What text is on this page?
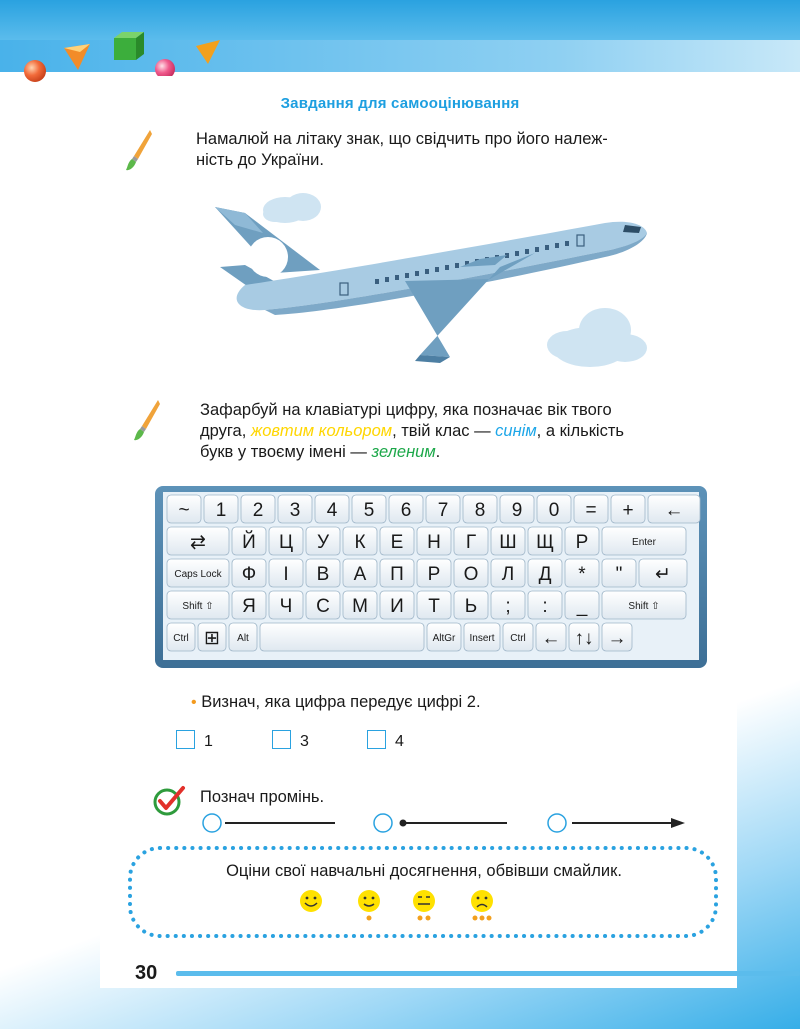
Завдання для самооцінювання
Намалюй на літаку знак, що свідчить про його належ-
ність до України.
Зафарбуй на клавіатурі цифру, яка позначає вік твого
друга, жовтим кольором, твій клас — синім, а кількість
букв у твоєму імені — зеленим.
~ 1 2 3 4 5 6 7 8 9 0 = + ←
⇄ Й Ц У К Е Н Г Ш Щ Р	Enter
Caps Lock Ф І В А П Р О Л Д * " ↵
Shift ⇧ Я Ч С М И Т Ь ; : _	Shift ⇧
Ctrl ⊞ Alt	AltGr Insert Ctrl ← ↑↓ →
• Визнач, яка цифра передує цифрі 2.
1	3	4
Познач промінь.
Оціни свої навчальні досягнення, обвівши смайлик.
30
